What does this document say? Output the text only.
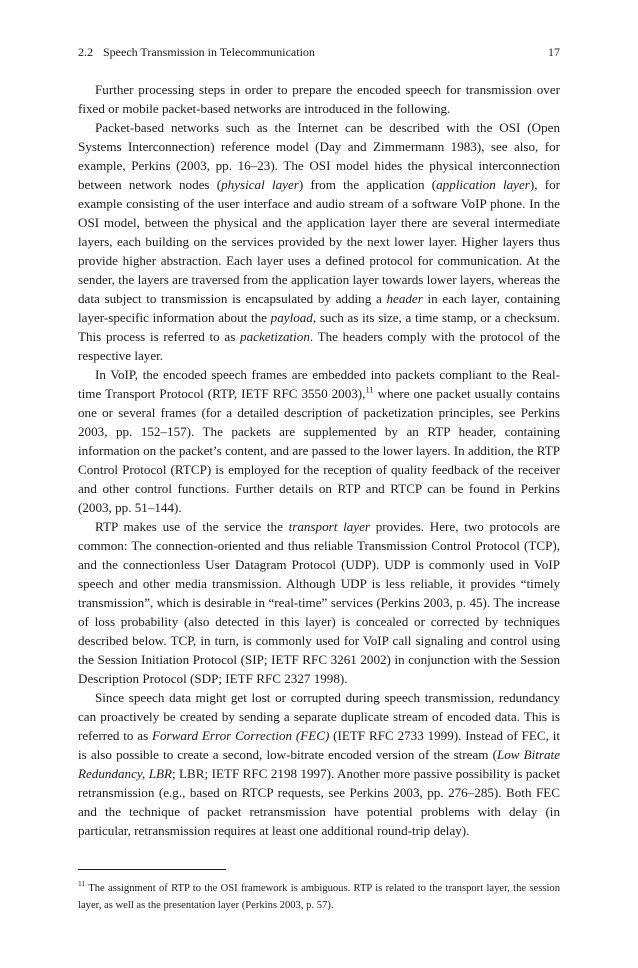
2.2 Speech Transmission in Telecommunication	17

Further processing steps in order to prepare the encoded speech for transmission over fixed or mobile packet-based networks are introduced in the following.

Packet-based networks such as the Internet can be described with the OSI (Open Systems Interconnection) reference model (Day and Zimmermann 1983), see also, for example, Perkins (2003, pp. 16–23). The OSI model hides the physical interconnection between network nodes (physical layer) from the application (application layer), for example consisting of the user interface and audio stream of a software VoIP phone. In the OSI model, between the physical and the application layer there are several intermediate layers, each building on the services provided by the next lower layer. Higher layers thus provide higher abstraction. Each layer uses a defined protocol for communication. At the sender, the layers are traversed from the application layer towards lower layers, whereas the data subject to transmission is encapsulated by adding a header in each layer, containing layer-specific information about the payload, such as its size, a time stamp, or a checksum. This process is referred to as packetization. The headers comply with the protocol of the respective layer.

In VoIP, the encoded speech frames are embedded into packets compliant to the Real-time Transport Protocol (RTP, IETF RFC 3550 2003),$^{11}$ where one packet usually contains one or several frames (for a detailed description of packetization principles, see Perkins 2003, pp. 152–157). The packets are supplemented by an RTP header, containing information on the packet’s content, and are passed to the lower layers. In addition, the RTP Control Protocol (RTCP) is employed for the reception of quality feedback of the receiver and other control functions. Further details on RTP and RTCP can be found in Perkins (2003, pp. 51–144).

RTP makes use of the service the transport layer provides. Here, two protocols are common: The connection-oriented and thus reliable Transmission Control Protocol (TCP), and the connectionless User Datagram Protocol (UDP). UDP is commonly used in VoIP speech and other media transmission. Although UDP is less reliable, it provides “timely transmission”, which is desirable in “real-time” services (Perkins 2003, p. 45). The increase of loss probability (also detected in this layer) is concealed or corrected by techniques described below. TCP, in turn, is commonly used for VoIP call signaling and control using the Session Initiation Protocol (SIP; IETF RFC 3261 2002) in conjunction with the Session Description Protocol (SDP; IETF RFC 2327 1998).

Since speech data might get lost or corrupted during speech transmission, redundancy can proactively be created by sending a separate duplicate stream of encoded data. This is referred to as Forward Error Correction (FEC) (IETF RFC 2733 1999). Instead of FEC, it is also possible to create a second, low-bitrate encoded version of the stream (Low Bitrate Redundancy, LBR; LBR; IETF RFC 2198 1997). Another more passive possibility is packet retransmission (e.g., based on RTCP requests, see Perkins 2003, pp. 276–285). Both FEC and the technique of packet retransmission have potential problems with delay (in particular, retransmission requires at least one additional round-trip delay).

$^{11}$ The assignment of RTP to the OSI framework is ambiguous. RTP is related to the transport layer, the session layer, as well as the presentation layer (Perkins 2003, p. 57).
